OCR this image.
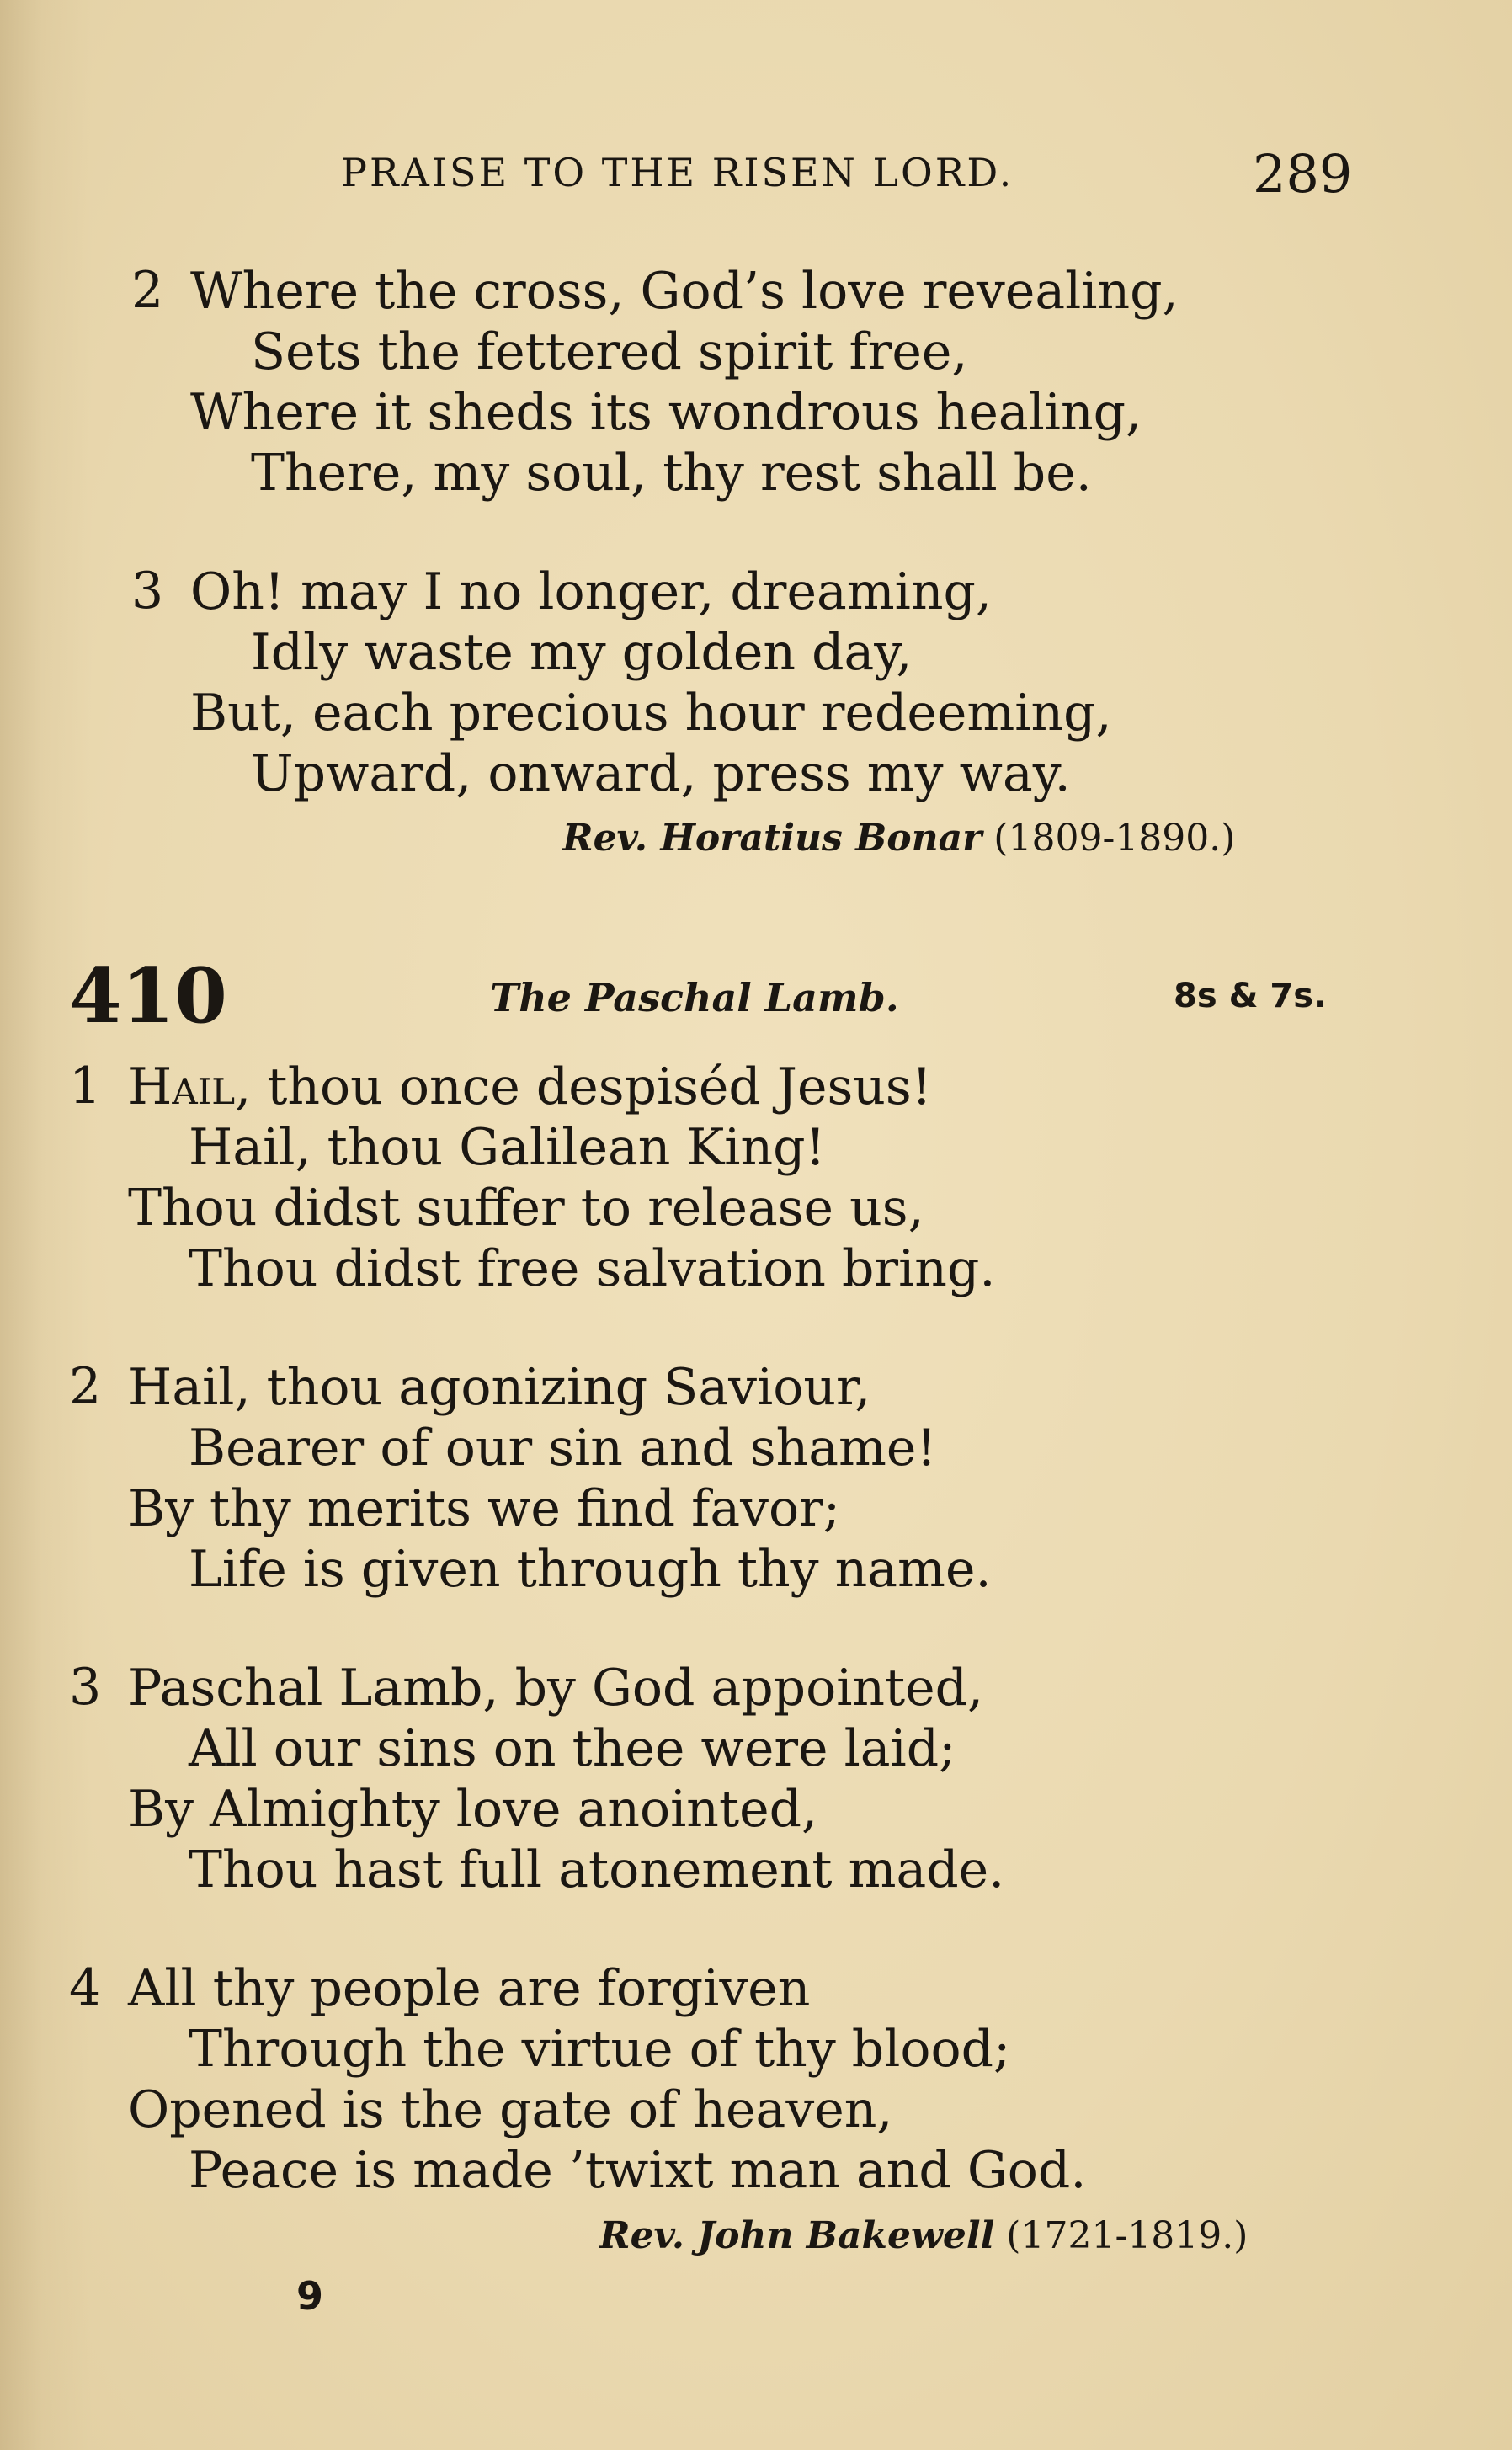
PRAISE TO THE RISEN LORD.	289
2 Where the cross, God’s love revealing,
Sets the fettered spirit free,
Where it sheds its wondrous healing,
There, my soul, thy rest shall be.
3 Oh! may I no longer, dreaming,
Idly waste my golden day,
But, each precious hour redeeming,
Upward, onward, press my way.
Rev. Horatius Bonar (1809-1890.)
410	The Paschal Lamb.	8s & 7s.
1 Hail, thou once despiséd Jesus!
Hail, thou Galilean King!
Thou didst suffer to release us,
Thou didst free salvation bring.
2 Hail, thou agonizing Saviour,
Bearer of our sin and shame!
By thy merits we find favor;
Life is given through thy name.
3 Paschal Lamb, by God appointed,
All our sins on thee were laid;
By Almighty love anointed,
Thou hast full atonement made.
4 All thy people are forgiven
Through the virtue of thy blood;
Opened is the gate of heaven,
Peace is made ’twixt man and God.
Rev. John Bakewell (1721-1819.)
9
